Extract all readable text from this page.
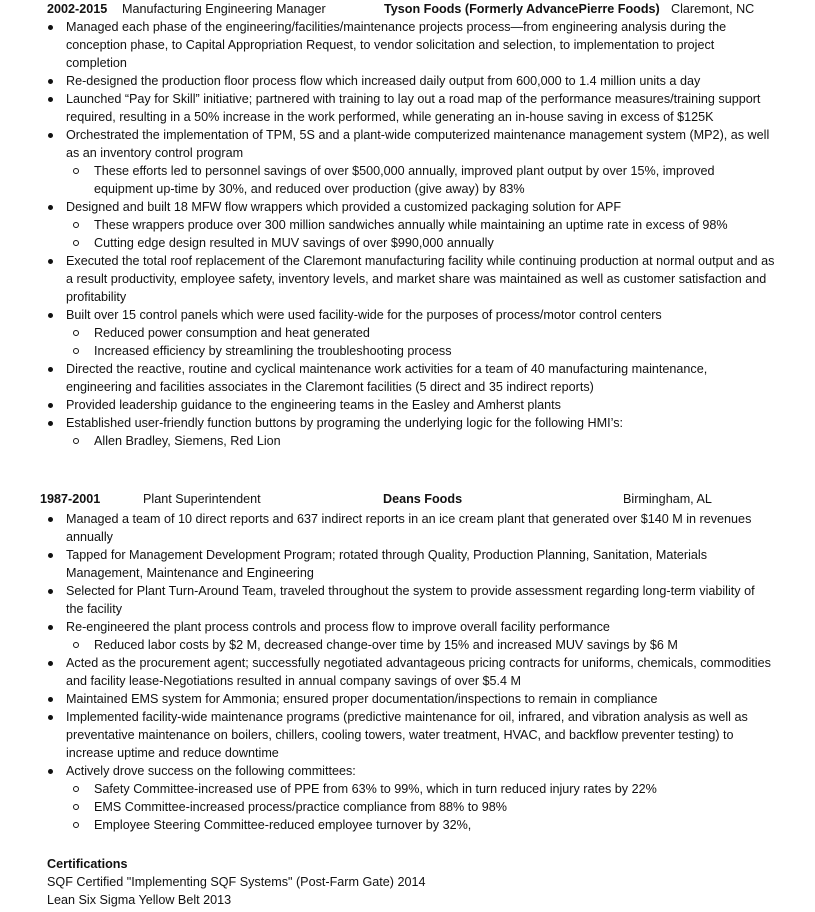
2002-2015 Manufacturing Engineering Manager	Tyson Foods (Formerly AdvancePierre Foods) Claremont, NC
Managed each phase of the engineering/facilities/maintenance projects process—from engineering analysis during the conception phase, to Capital Appropriation Request, to vendor solicitation and selection, to implementation to project completion
Re-designed the production floor process flow which increased daily output from 600,000 to 1.4 million units a day
Launched “Pay for Skill” initiative; partnered with training to lay out a road map of the performance measures/training support required, resulting in a 50% increase in the work performed, while generating an in-house saving in excess of $125K
Orchestrated the implementation of TPM, 5S and a plant-wide computerized maintenance management system (MP2), as well as an inventory control program
These efforts led to personnel savings of over $500,000 annually, improved plant output by over 15%, improved equipment up-time by 30%, and reduced over production (give away) by 83%
Designed and built 18 MFW flow wrappers which provided a customized packaging solution for APF
These wrappers produce over 300 million sandwiches annually while maintaining an uptime rate in excess of 98%
Cutting edge design resulted in MUV savings of over $990,000 annually
Executed the total roof replacement of the Claremont manufacturing facility while continuing production at normal output and as a result productivity, employee safety, inventory levels, and market share was maintained as well as customer satisfaction and profitability
Built over 15 control panels which were used facility-wide for the purposes of process/motor control centers
Reduced power consumption and heat generated
Increased efficiency by streamlining the troubleshooting process
Directed the reactive, routine and cyclical maintenance work activities for a team of 40 manufacturing maintenance, engineering and facilities associates in the Claremont facilities (5 direct and 35 indirect reports)
Provided leadership guidance to the engineering teams in the Easley and Amherst plants
Established user-friendly function buttons by programing the underlying logic for the following HMI’s:
Allen Bradley, Siemens, Red Lion
1987-2001	Plant Superintendent	Deans Foods	Birmingham, AL
Managed a team of 10 direct reports and 637 indirect reports in an ice cream plant that generated over $140 M in revenues annually
Tapped for Management Development Program; rotated through Quality, Production Planning, Sanitation, Materials Management, Maintenance and Engineering
Selected for Plant Turn-Around Team, traveled throughout the system to provide assessment regarding long-term viability of the facility
Re-engineered the plant process controls and process flow to improve overall facility performance
Reduced labor costs by $2 M, decreased change-over time by 15% and increased MUV savings by $6 M
Acted as the procurement agent; successfully negotiated advantageous pricing contracts for uniforms, chemicals, commodities and facility lease-Negotiations resulted in annual company savings of over $5.4 M
Maintained EMS system for Ammonia; ensured proper documentation/inspections to remain in compliance
Implemented facility-wide maintenance programs (predictive maintenance for oil, infrared, and vibration analysis as well as preventative maintenance on boilers, chillers, cooling towers, water treatment, HVAC, and backflow preventer testing) to increase uptime and reduce downtime
Actively drove success on the following committees:
Safety Committee-increased use of PPE from 63% to 99%, which in turn reduced injury rates by 22%
EMS Committee-increased process/practice compliance from 88% to 98%
Employee Steering Committee-reduced employee turnover by 32%,
Certifications
SQF Certified "Implementing SQF Systems" (Post-Farm Gate) 2014
Lean Six Sigma Yellow Belt 2013
